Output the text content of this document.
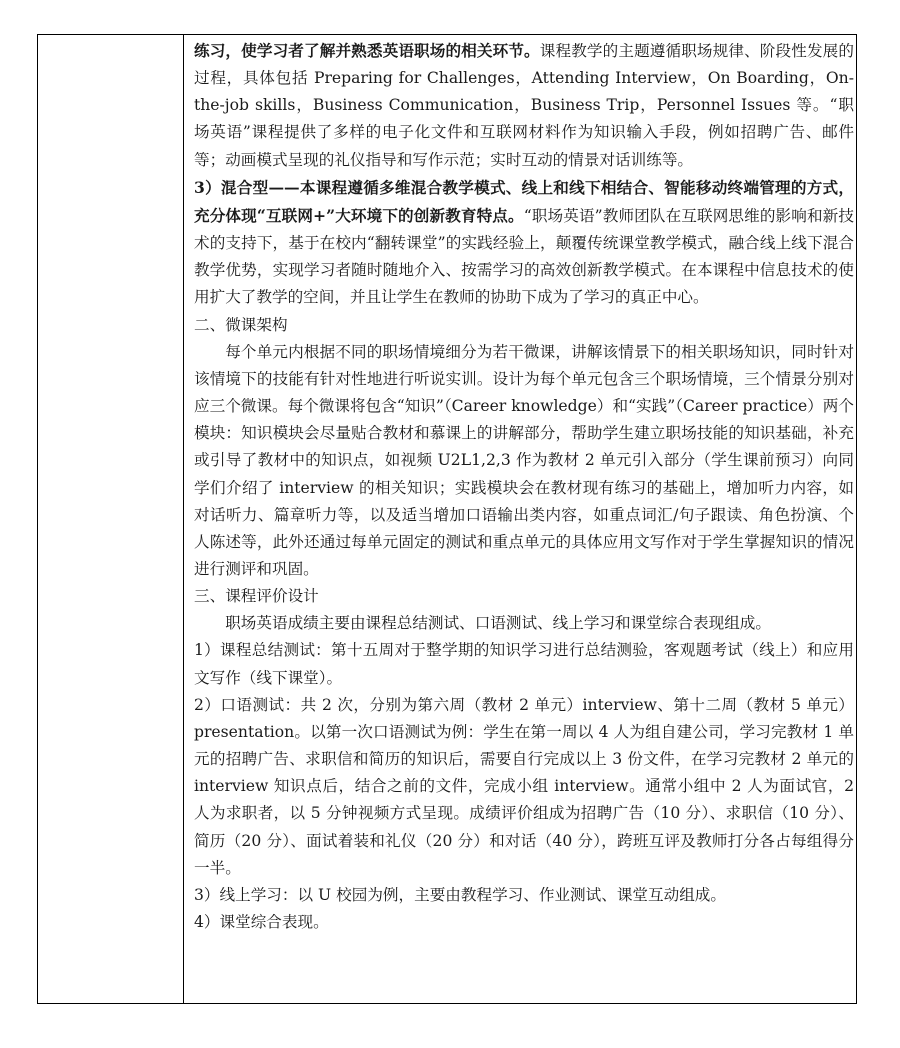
练习，使学习者了解并熟悉英语职场的相关环节。课程教学的主题遵循职场规律、阶段性发展的过程，具体包括 Preparing for Challenges，Attending Interview，On Boarding，On-the-job skills，Business Communication，Business Trip，Personnel Issues 等。“职场英语”课程提供了多样的电子化文件和互联网材料作为知识输入手段，例如招聘广告、邮件等；动画模式呈现的礼仪指导和写作示范；实时互动的情景对话训练等。

3）混合型——本课程遵循多维混合教学模式、线上和线下相结合、智能移动终端管理的方式，充分体现“互联网+”大环境下的创新教育特点。“职场英语”教师团队在互联网思维的影响和新技术的支持下，基于在校内“翻转课堂”的实践经验上，颠覆传统课堂教学模式，融合线上线下混合教学优势，实现学习者随时随地介入、按需学习的高效创新教学模式。在本课程中信息技术的使用扩大了教学的空间，并且让学生在教师的协助下成为了学习的真正中心。

二、微课架构

每个单元内根据不同的职场情境细分为若干微课，讲解该情景下的相关职场知识，同时针对该情境下的技能有针对性地进行听说实训。设计为每个单元包含三个职场情境，三个情景分别对应三个微课。每个微课将包含“知识”（Career knowledge）和“实践”（Career practice）两个模块：知识模块会尽量贴合教材和慕课上的讲解部分，帮助学生建立职场技能的知识基础，补充或引导了教材中的知识点，如视频 U2L1,2,3 作为教材 2 单元引入部分（学生课前预习）向同学们介绍了 interview 的相关知识；实践模块会在教材现有练习的基础上，增加听力内容，如对话听力、篇章听力等，以及适当增加口语输出类内容，如重点词汇/句子跟读、角色扮演、个人陈述等，此外还通过每单元固定的测试和重点单元的具体应用文写作对于学生掌握知识的情况进行测评和巩固。

三、课程评价设计

职场英语成绩主要由课程总结测试、口语测试、线上学习和课堂综合表现组成。

1）课程总结测试：第十五周对于整学期的知识学习进行总结测验，客观题考试（线上）和应用文写作（线下课堂）。

2）口语测试：共 2 次，分别为第六周（教材 2 单元）interview、第十二周（教材 5 单元）presentation。以第一次口语测试为例：学生在第一周以 4 人为组自建公司，学习完教材 1 单元的招聘广告、求职信和简历的知识后，需要自行完成以上 3 份文件，在学习完教材 2 单元的 interview 知识点后，结合之前的文件，完成小组 interview。通常小组中 2 人为面试官，2 人为求职者，以 5 分钟视频方式呈现。成绩评价组成为招聘广告（10 分）、求职信（10 分）、简历（20 分）、面试着装和礼仪（20 分）和对话（40 分），跨班互评及教师打分各占每组得分一半。

3）线上学习：以 U 校园为例，主要由教程学习、作业测试、课堂互动组成。

4）课堂综合表现。
